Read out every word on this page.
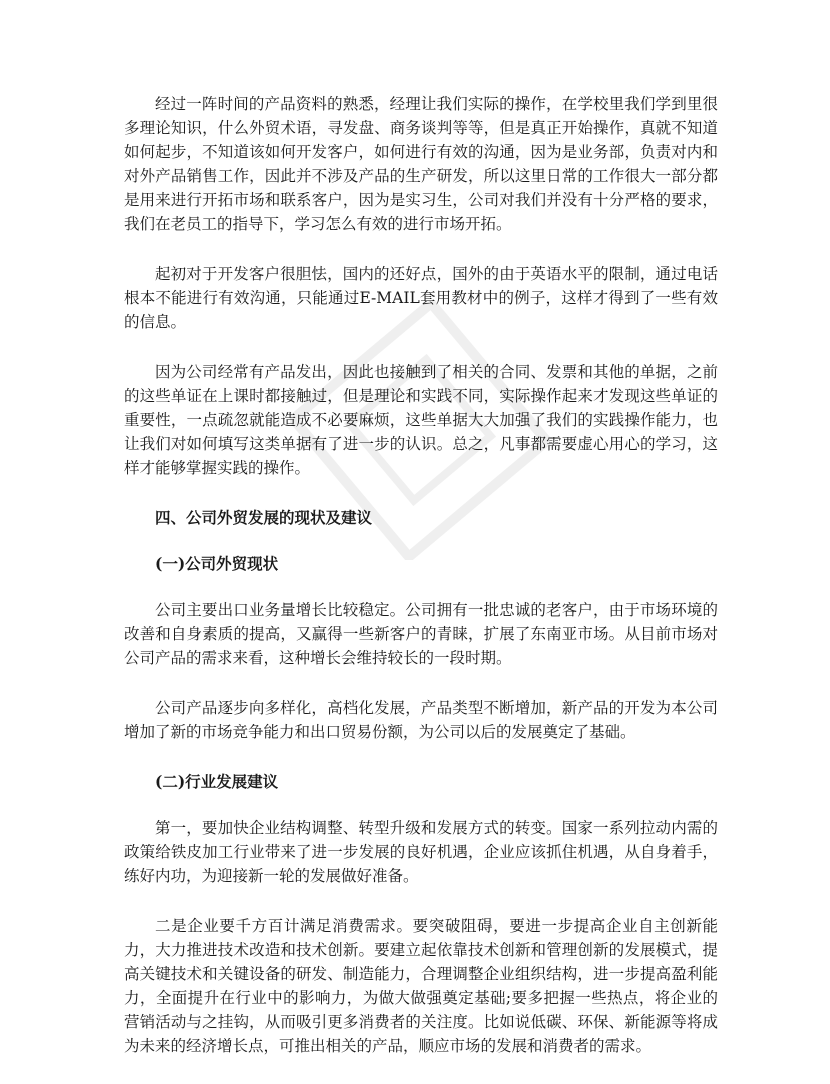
经过一阵时间的产品资料的熟悉，经理让我们实际的操作，在学校里我们学到里很多理论知识，什么外贸术语，寻发盘、商务谈判等等，但是真正开始操作，真就不知道如何起步，不知道该如何开发客户，如何进行有效的沟通，因为是业务部，负责对内和对外产品销售工作，因此并不涉及产品的生产研发，所以这里日常的工作很大一部分都是用来进行开拓市场和联系客户，因为是实习生，公司对我们并没有十分严格的要求，我们在老员工的指导下，学习怎么有效的进行市场开拓。

起初对于开发客户很胆怯，国内的还好点，国外的由于英语水平的限制，通过电话根本不能进行有效沟通，只能通过E-MAIL套用教材中的例子，这样才得到了一些有效的信息。

因为公司经常有产品发出，因此也接触到了相关的合同、发票和其他的单据，之前的这些单证在上课时都接触过，但是理论和实践不同，实际操作起来才发现这些单证的重要性，一点疏忽就能造成不必要麻烦，这些单据大大加强了我们的实践操作能力，也让我们对如何填写这类单据有了进一步的认识。总之，凡事都需要虚心用心的学习，这样才能够掌握实践的操作。

四、公司外贸发展的现状及建议

(一)公司外贸现状

公司主要出口业务量增长比较稳定。公司拥有一批忠诚的老客户，由于市场环境的改善和自身素质的提高，又赢得一些新客户的青睐，扩展了东南亚市场。从目前市场对公司产品的需求来看，这种增长会维持较长的一段时期。

公司产品逐步向多样化，高档化发展，产品类型不断增加，新产品的开发为本公司增加了新的市场竞争能力和出口贸易份额，为公司以后的发展奠定了基础。

(二)行业发展建议

第一，要加快企业结构调整、转型升级和发展方式的转变。国家一系列拉动内需的政策给铁皮加工行业带来了进一步发展的良好机遇，企业应该抓住机遇，从自身着手，练好内功，为迎接新一轮的发展做好准备。

二是企业要千方百计满足消费需求。要突破阻碍，要进一步提高企业自主创新能力，大力推进技术改造和技术创新。要建立起依靠技术创新和管理创新的发展模式，提高关键技术和关键设备的研发、制造能力，合理调整企业组织结构，进一步提高盈利能力，全面提升在行业中的影响力，为做大做强奠定基础;要多把握一些热点，将企业的营销活动与之挂钩，从而吸引更多消费者的关注度。比如说低碳、环保、新能源等将成为未来的经济增长点，可推出相关的产品，顺应市场的发展和消费者的需求。
